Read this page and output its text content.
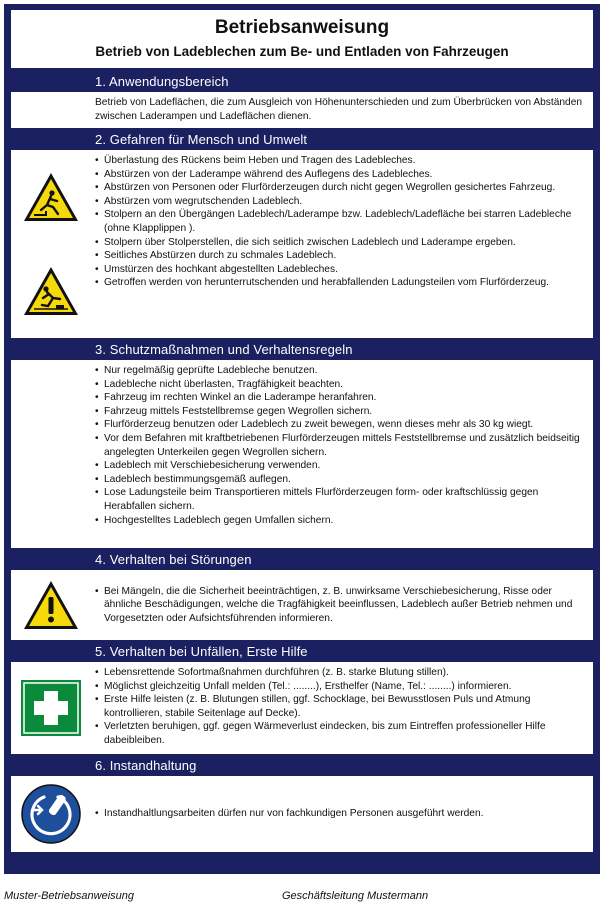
Betriebsanweisung
Betrieb von Ladeblechen zum Be- und Entladen von Fahrzeugen
1. Anwendungsbereich
Betrieb von Ladeflächen, die zum Ausgleich von Höhenunterschieden und zum Überbrücken von Abständen zwischen Laderampen und Ladeflächen dienen.
2. Gefahren für Mensch und Umwelt
• Überlastung des Rückens beim Heben und Tragen des Ladebleches.
• Abstürzen von der Laderampe während des Auflegens des Ladebleches.
• Abstürzen von Personen oder Flurförderzeugen durch nicht gegen Wegrollen gesichertes Fahrzeug.
• Abstürzen vom wegrutschenden Ladeblech.
• Stolpern an den Übergängen Ladeblech/Laderampe bzw. Ladeblech/Ladefläche bei starren Ladebleche (ohne Klapplippen ).
• Stolpern über Stolperstellen, die sich seitlich zwischen Ladeblech und Laderampe ergeben.
• Seitliches Abstürzen durch zu schmales Ladeblech.
• Umstürzen des hochkant abgestellten Ladebleches.
• Getroffen werden von herunterrutschenden und herabfallenden Ladungsteilen vom Flurförderzeug.
3. Schutzmaßnahmen und Verhaltensregeln
• Nur regelmäßig geprüfte Ladebleche benutzen.
• Ladebleche nicht überlasten, Tragfähigkeit beachten.
• Fahrzeug im rechten Winkel an die Laderampe heranfahren.
• Fahrzeug mittels Feststellbremse gegen Wegrollen sichern.
• Flurförderzeug benutzen oder Ladeblech zu zweit bewegen, wenn dieses mehr als 30 kg wiegt.
• Vor dem Befahren mit kraftbetriebenen Flurförderzeugen mittels Feststellbremse und zusätzlich beidseitig angelegten Unterkeilen gegen Wegrollen sichern.
• Ladeblech mit Verschiebesicherung verwenden.
• Ladeblech bestimmungsgemäß auflegen.
• Lose Ladungsteile beim Transportieren mittels Flurförderzeugen form- oder kraftschlüssig gegen Herabfallen sichern.
• Hochgestelltes Ladeblech gegen Umfallen sichern.
4. Verhalten bei Störungen
• Bei Mängeln, die die Sicherheit beeinträchtigen, z. B. unwirksame Verschiebesicherung, Risse oder ähnliche Beschädigungen, welche die Tragfähigkeit beeinflussen, Ladeblech außer Betrieb nehmen und Vorgesetzten oder Aufsichtsführenden informieren.
5. Verhalten bei Unfällen, Erste Hilfe
• Lebensrettende Sofortmaßnahmen durchführen (z. B. starke Blutung stillen).
• Möglichst gleichzeitig Unfall melden (Tel.: ........), Ersthelfer (Name, Tel.: ........) informieren.
• Erste Hilfe leisten (z. B. Blutungen stillen, ggf. Schocklage, bei Bewusstlosen Puls und Atmung kontrollieren, stabile Seitenlage auf Decke).
• Verletzten beruhigen, ggf. gegen Wärmeverlust eindecken, bis zum Eintreffen professioneller Hilfe dabeibleiben.
6. Instandhaltung
• Instandhaltlungsarbeiten dürfen nur von fachkundigen Personen ausgeführt werden.
Muster-Betriebsanweisung	Geschäftsleitung Mustermann
